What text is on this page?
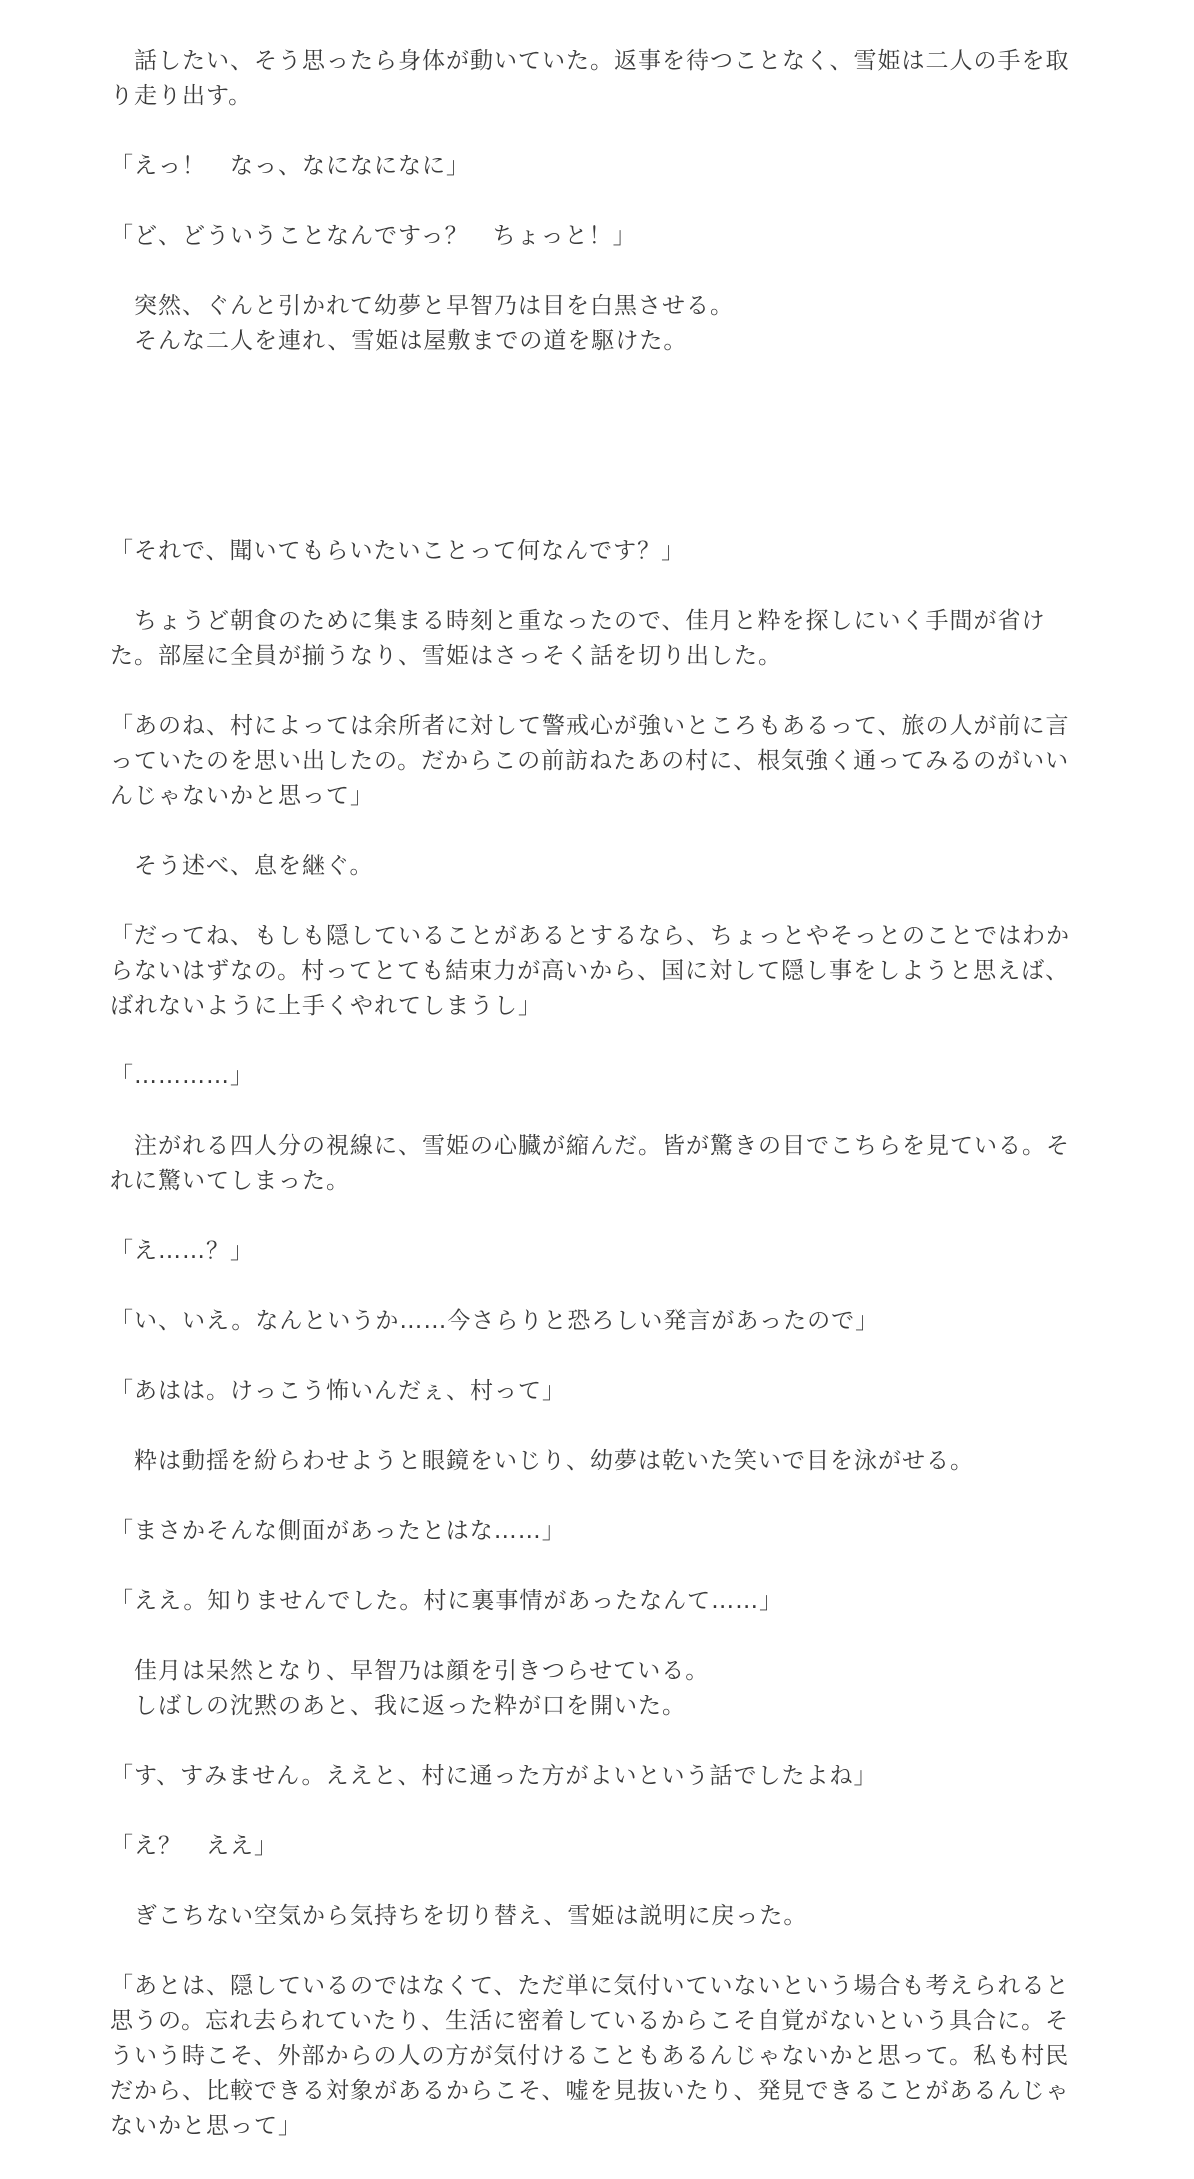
　話したい、そう思ったら身体が動いていた。返事を待つことなく、雪姫は二人の手を取り走り出す。

「えっ！　なっ、なになになに」

「ど、どういうことなんですっ？　ちょっと！」

　突然、ぐんと引かれて幼夢と早智乃は目を白黒させる。
　そんな二人を連れ、雪姫は屋敷までの道を駆けた。

「それで、聞いてもらいたいことって何なんです？」

　ちょうど朝食のために集まる時刻と重なったので、佳月と粋を探しにいく手間が省けた。部屋に全員が揃うなり、雪姫はさっそく話を切り出した。

「あのね、村によっては余所者に対して警戒心が強いところもあるって、旅の人が前に言っていたのを思い出したの。だからこの前訪ねたあの村に、根気強く通ってみるのがいいんじゃないかと思って」

　そう述べ、息を継ぐ。

「だってね、もしも隠していることがあるとするなら、ちょっとやそっとのことではわからないはずなの。村ってとても結束力が高いから、国に対して隠し事をしようと思えば、ばれないように上手くやれてしまうし」

「…………」

　注がれる四人分の視線に、雪姫の心臓が縮んだ。皆が驚きの目でこちらを見ている。それに驚いてしまった。

「え……？」

「い、いえ。なんというか……今さらりと恐ろしい発言があったので」

「あはは。けっこう怖いんだぇ、村って」

　粋は動揺を紛らわせようと眼鏡をいじり、幼夢は乾いた笑いで目を泳がせる。

「まさかそんな側面があったとはな……」

「ええ。知りませんでした。村に裏事情があったなんて……」

　佳月は呆然となり、早智乃は顔を引きつらせている。
　しばしの沈黙のあと、我に返った粋が口を開いた。

「す、すみません。ええと、村に通った方がよいという話でしたよね」

「え？　ええ」

　ぎこちない空気から気持ちを切り替え、雪姫は説明に戻った。

「あとは、隠しているのではなくて、ただ単に気付いていないという場合も考えられると思うの。忘れ去られていたり、生活に密着しているからこそ自覚がないという具合に。そういう時こそ、外部からの人の方が気付けることもあるんじゃないかと思って。私も村民だから、比較できる対象があるからこそ、嘘を見抜いたり、発見できることがあるんじゃないかと思って」
